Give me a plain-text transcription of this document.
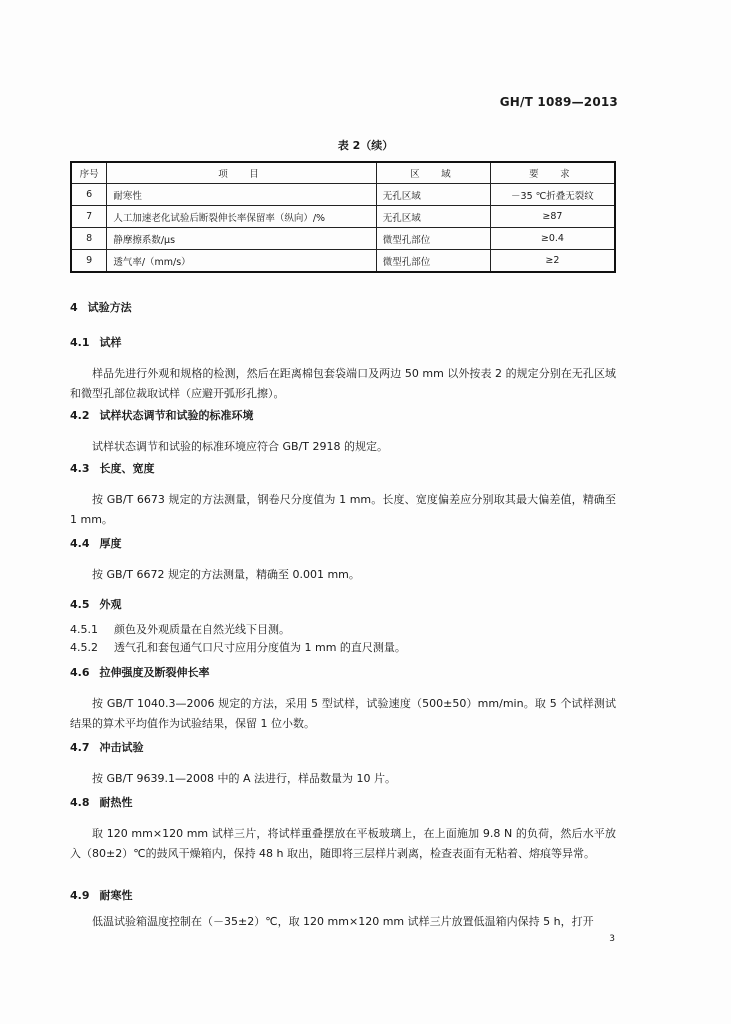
GH/T 1089—2013
表 2（续）
序号	项　目	区　域	要　求
6	耐寒性	无孔区域	－35 ℃折叠无裂纹
7	人工加速老化试验后断裂伸长率保留率（纵向）/%	无孔区域	≥87
8	静摩擦系数/μs	微型孔部位	≥0.4
9	透气率/（mm/s）	微型孔部位	≥2
4 试验方法
4.1 试样
样品先进行外观和规格的检测，然后在距离棉包套袋端口及两边 50 mm 以外按表 2 的规定分别在无孔区域和微型孔部位裁取试样（应避开弧形孔擦）。
4.2 试样状态调节和试验的标准环境
试样状态调节和试验的标准环境应符合 GB/T 2918 的规定。
4.3 长度、宽度
按 GB/T 6673 规定的方法测量，钢卷尺分度值为 1 mm。长度、宽度偏差应分别取其最大偏差值，精确至 1 mm。
4.4 厚度
按 GB/T 6672 规定的方法测量，精确至 0.001 mm。
4.5 外观
4.5.1 颜色及外观质量在自然光线下目测。
4.5.2 透气孔和套包通气口尺寸应用分度值为 1 mm 的直尺测量。
4.6 拉伸强度及断裂伸长率
按 GB/T 1040.3—2006 规定的方法，采用 5 型试样，试验速度（500±50）mm/min。取 5 个试样测试结果的算术平均值作为试验结果，保留 1 位小数。
4.7 冲击试验
按 GB/T 9639.1—2008 中的 A 法进行，样品数量为 10 片。
4.8 耐热性
取 120 mm×120 mm 试样三片，将试样重叠摆放在平板玻璃上，在上面施加 9.8 N 的负荷，然后水平放入（80±2）℃的鼓风干燥箱内，保持 48 h 取出，随即将三层样片剥离，检查表面有无粘着、熔痕等异常。
4.9 耐寒性
低温试验箱温度控制在（－35±2）℃，取 120 mm×120 mm 试样三片放置低温箱内保持 5 h，打开
3
